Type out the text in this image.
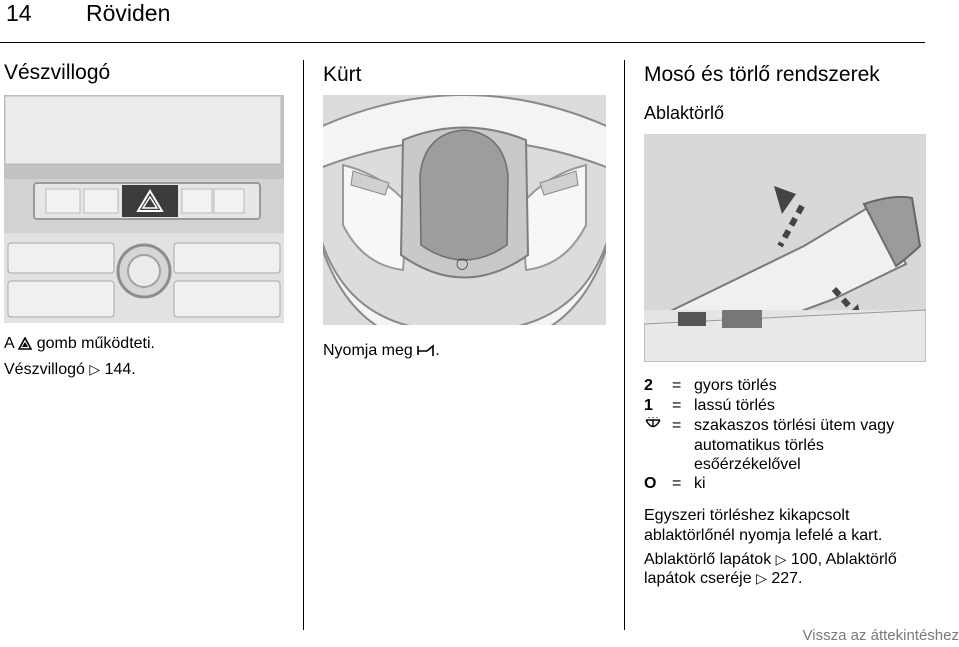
14 Röviden
Vészvillogó
A gomb működteti.
Vészvillogó ▷ 144.
Kürt
◯
Nyomja meg .
Mosó és törlő rendszerek
Ablaktörlő
2 = gyors törlés
1 = lassú törlés
= szakaszos törlési ütem vagy
automatikus törlés
esőérzékelővel
O = ki
Egyszeri törléshez kikapcsolt
ablaktörlőnél nyomja lefelé a kart.
Ablaktörlő lapátok ▷ 100, Ablaktörlő
lapátok cseréje ▷ 227.
Vissza az áttekintéshez
